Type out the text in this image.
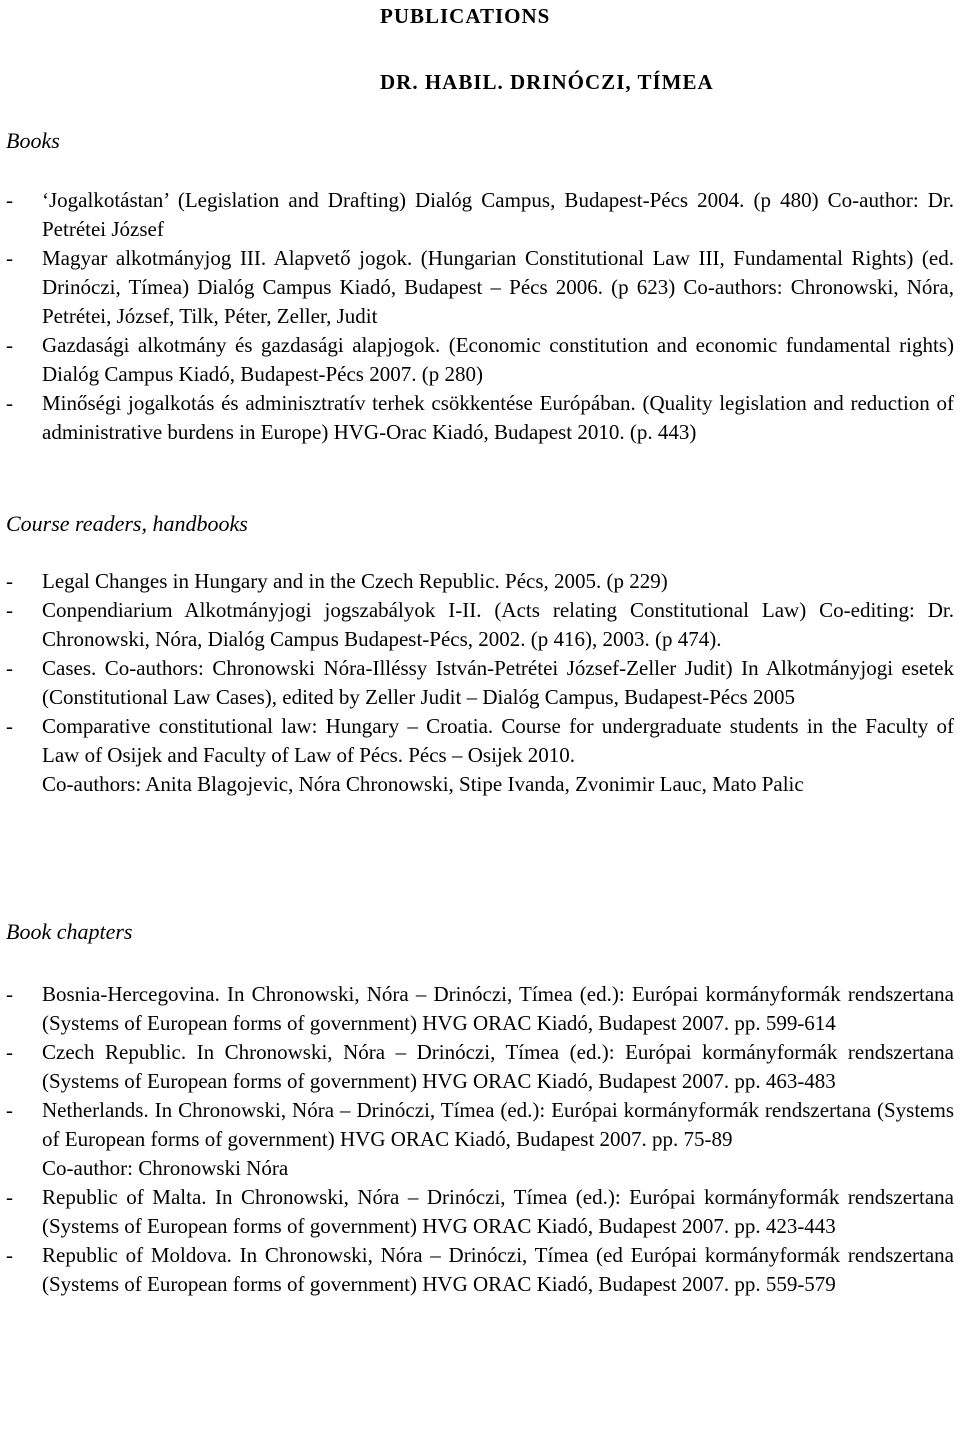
PUBLICATIONS
DR. HABIL. DRINÓCZI, TÍMEA
Books
- ‘Jogalkotástan’ (Legislation and Drafting) Dialóg Campus, Budapest-Pécs 2004. (p 480) Co-author: Dr. Petrétei József
- Magyar alkotmányjog III. Alapvető jogok. (Hungarian Constitutional Law III, Fundamental Rights) (ed. Drinóczi, Tímea) Dialóg Campus Kiadó, Budapest – Pécs 2006. (p 623) Co-authors: Chronowski, Nóra, Petrétei, József, Tilk, Péter, Zeller, Judit
- Gazdasági alkotmány és gazdasági alapjogok. (Economic constitution and economic fundamental rights) Dialóg Campus Kiadó, Budapest-Pécs 2007. (p 280)
- Minőségi jogalkotás és adminisztratív terhek csökkentése Európában. (Quality legislation and reduction of administrative burdens in Europe) HVG-Orac Kiadó, Budapest 2010. (p. 443)
Course readers, handbooks
- Legal Changes in Hungary and in the Czech Republic. Pécs, 2005. (p 229)
- Conpendiarium Alkotmányjogi jogszabályok I-II. (Acts relating Constitutional Law) Co-editing: Dr. Chronowski, Nóra, Dialóg Campus Budapest-Pécs, 2002. (p 416), 2003. (p 474).
- Cases. Co-authors: Chronowski Nóra-Illéssy István-Petrétei József-Zeller Judit) In Alkotmányjogi esetek (Constitutional Law Cases), edited by Zeller Judit – Dialóg Campus, Budapest-Pécs 2005
- Comparative constitutional law: Hungary – Croatia. Course for undergraduate students in the Faculty of Law of Osijek and Faculty of Law of Pécs. Pécs – Osijek 2010.
Co-authors: Anita Blagojevic, Nóra Chronowski, Stipe Ivanda, Zvonimir Lauc, Mato Palic
Book chapters
- Bosnia-Hercegovina. In Chronowski, Nóra – Drinóczi, Tímea (ed.): Európai kormányformák rendszertana (Systems of European forms of government) HVG ORAC Kiadó, Budapest 2007. pp. 599-614
- Czech Republic. In Chronowski, Nóra – Drinóczi, Tímea (ed.): Európai kormányformák rendszertana (Systems of European forms of government) HVG ORAC Kiadó, Budapest 2007. pp. 463-483
- Netherlands. In Chronowski, Nóra – Drinóczi, Tímea (ed.): Európai kormányformák rendszertana (Systems of European forms of government) HVG ORAC Kiadó, Budapest 2007. pp. 75-89
Co-author: Chronowski Nóra
- Republic of Malta. In Chronowski, Nóra – Drinóczi, Tímea (ed.): Európai kormányformák rendszertana (Systems of European forms of government) HVG ORAC Kiadó, Budapest 2007. pp. 423-443
- Republic of Moldova. In Chronowski, Nóra – Drinóczi, Tímea (ed Európai kormányformák rendszertana (Systems of European forms of government) HVG ORAC Kiadó, Budapest 2007. pp. 559-579
